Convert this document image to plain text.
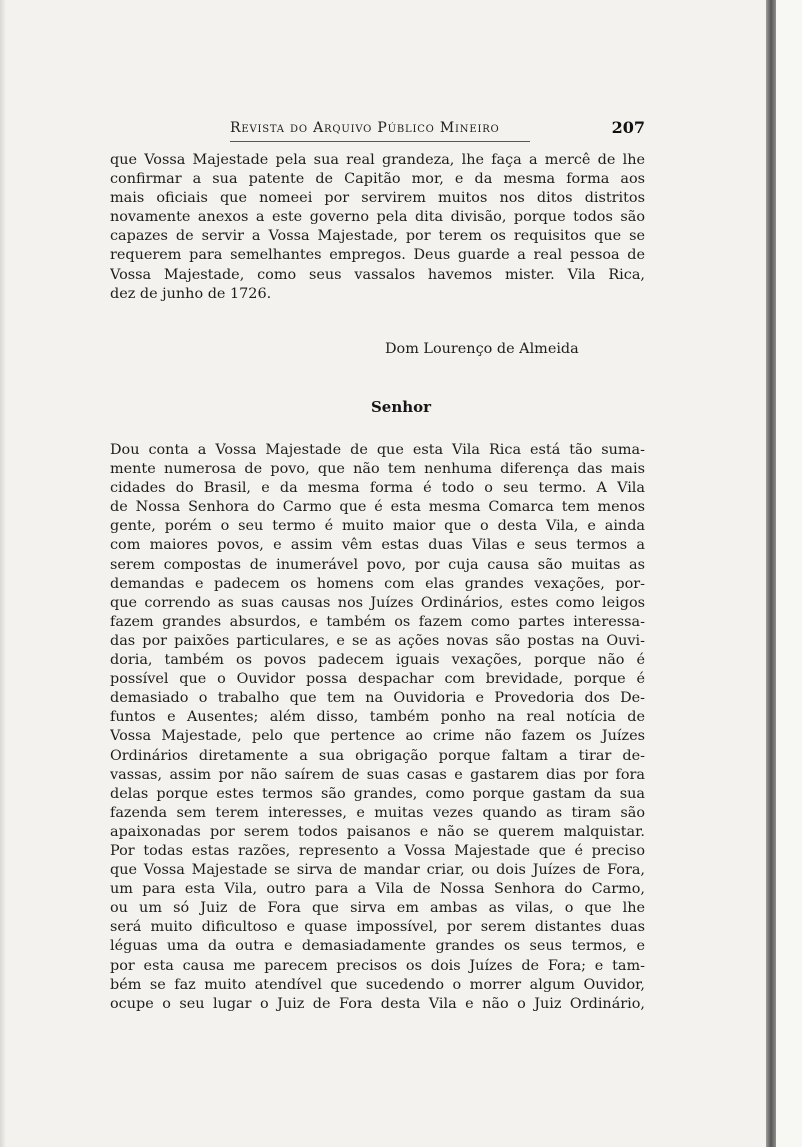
Revista do Arquivo Público Mineiro	207
que Vossa Majestade pela sua real grandeza, lhe faça a mercê de lhe
confirmar a sua patente de Capitão mor, e da mesma forma aos
mais oficiais que nomeei por servirem muitos nos ditos distritos
novamente anexos a este governo pela dita divisão, porque todos são
capazes de servir a Vossa Majestade, por terem os requisitos que se
requerem para semelhantes empregos. Deus guarde a real pessoa de
Vossa Majestade, como seus vassalos havemos mister. Vila Rica,
dez de junho de 1726.
Dom Lourenço de Almeida
Senhor
Dou conta a Vossa Majestade de que esta Vila Rica está tão suma-
mente numerosa de povo, que não tem nenhuma diferença das mais
cidades do Brasil, e da mesma forma é todo o seu termo. A Vila
de Nossa Senhora do Carmo que é esta mesma Comarca tem menos
gente, porém o seu termo é muito maior que o desta Vila, e ainda
com maiores povos, e assim vêm estas duas Vilas e seus termos a
serem compostas de inumerável povo, por cuja causa são muitas as
demandas e padecem os homens com elas grandes vexações, por-
que correndo as suas causas nos Juízes Ordinários, estes como leigos
fazem grandes absurdos, e também os fazem como partes interessa-
das por paixões particulares, e se as ações novas são postas na Ouvi-
doria, também os povos padecem iguais vexações, porque não é
possível que o Ouvidor possa despachar com brevidade, porque é
demasiado o trabalho que tem na Ouvidoria e Provedoria dos De-
funtos e Ausentes; além disso, também ponho na real notícia de
Vossa Majestade, pelo que pertence ao crime não fazem os Juízes
Ordinários diretamente a sua obrigação porque faltam a tirar de-
vassas, assim por não saírem de suas casas e gastarem dias por fora
delas porque estes termos são grandes, como porque gastam da sua
fazenda sem terem interesses, e muitas vezes quando as tiram são
apaixonadas por serem todos paisanos e não se querem malquistar.
Por todas estas razões, represento a Vossa Majestade que é preciso
que Vossa Majestade se sirva de mandar criar, ou dois Juízes de Fora,
um para esta Vila, outro para a Vila de Nossa Senhora do Carmo,
ou um só Juiz de Fora que sirva em ambas as vilas, o que lhe
será muito dificultoso e quase impossível, por serem distantes duas
léguas uma da outra e demasiadamente grandes os seus termos, e
por esta causa me parecem precisos os dois Juízes de Fora; e tam-
bém se faz muito atendível que sucedendo o morrer algum Ouvidor,
ocupe o seu lugar o Juiz de Fora desta Vila e não o Juiz Ordinário,
